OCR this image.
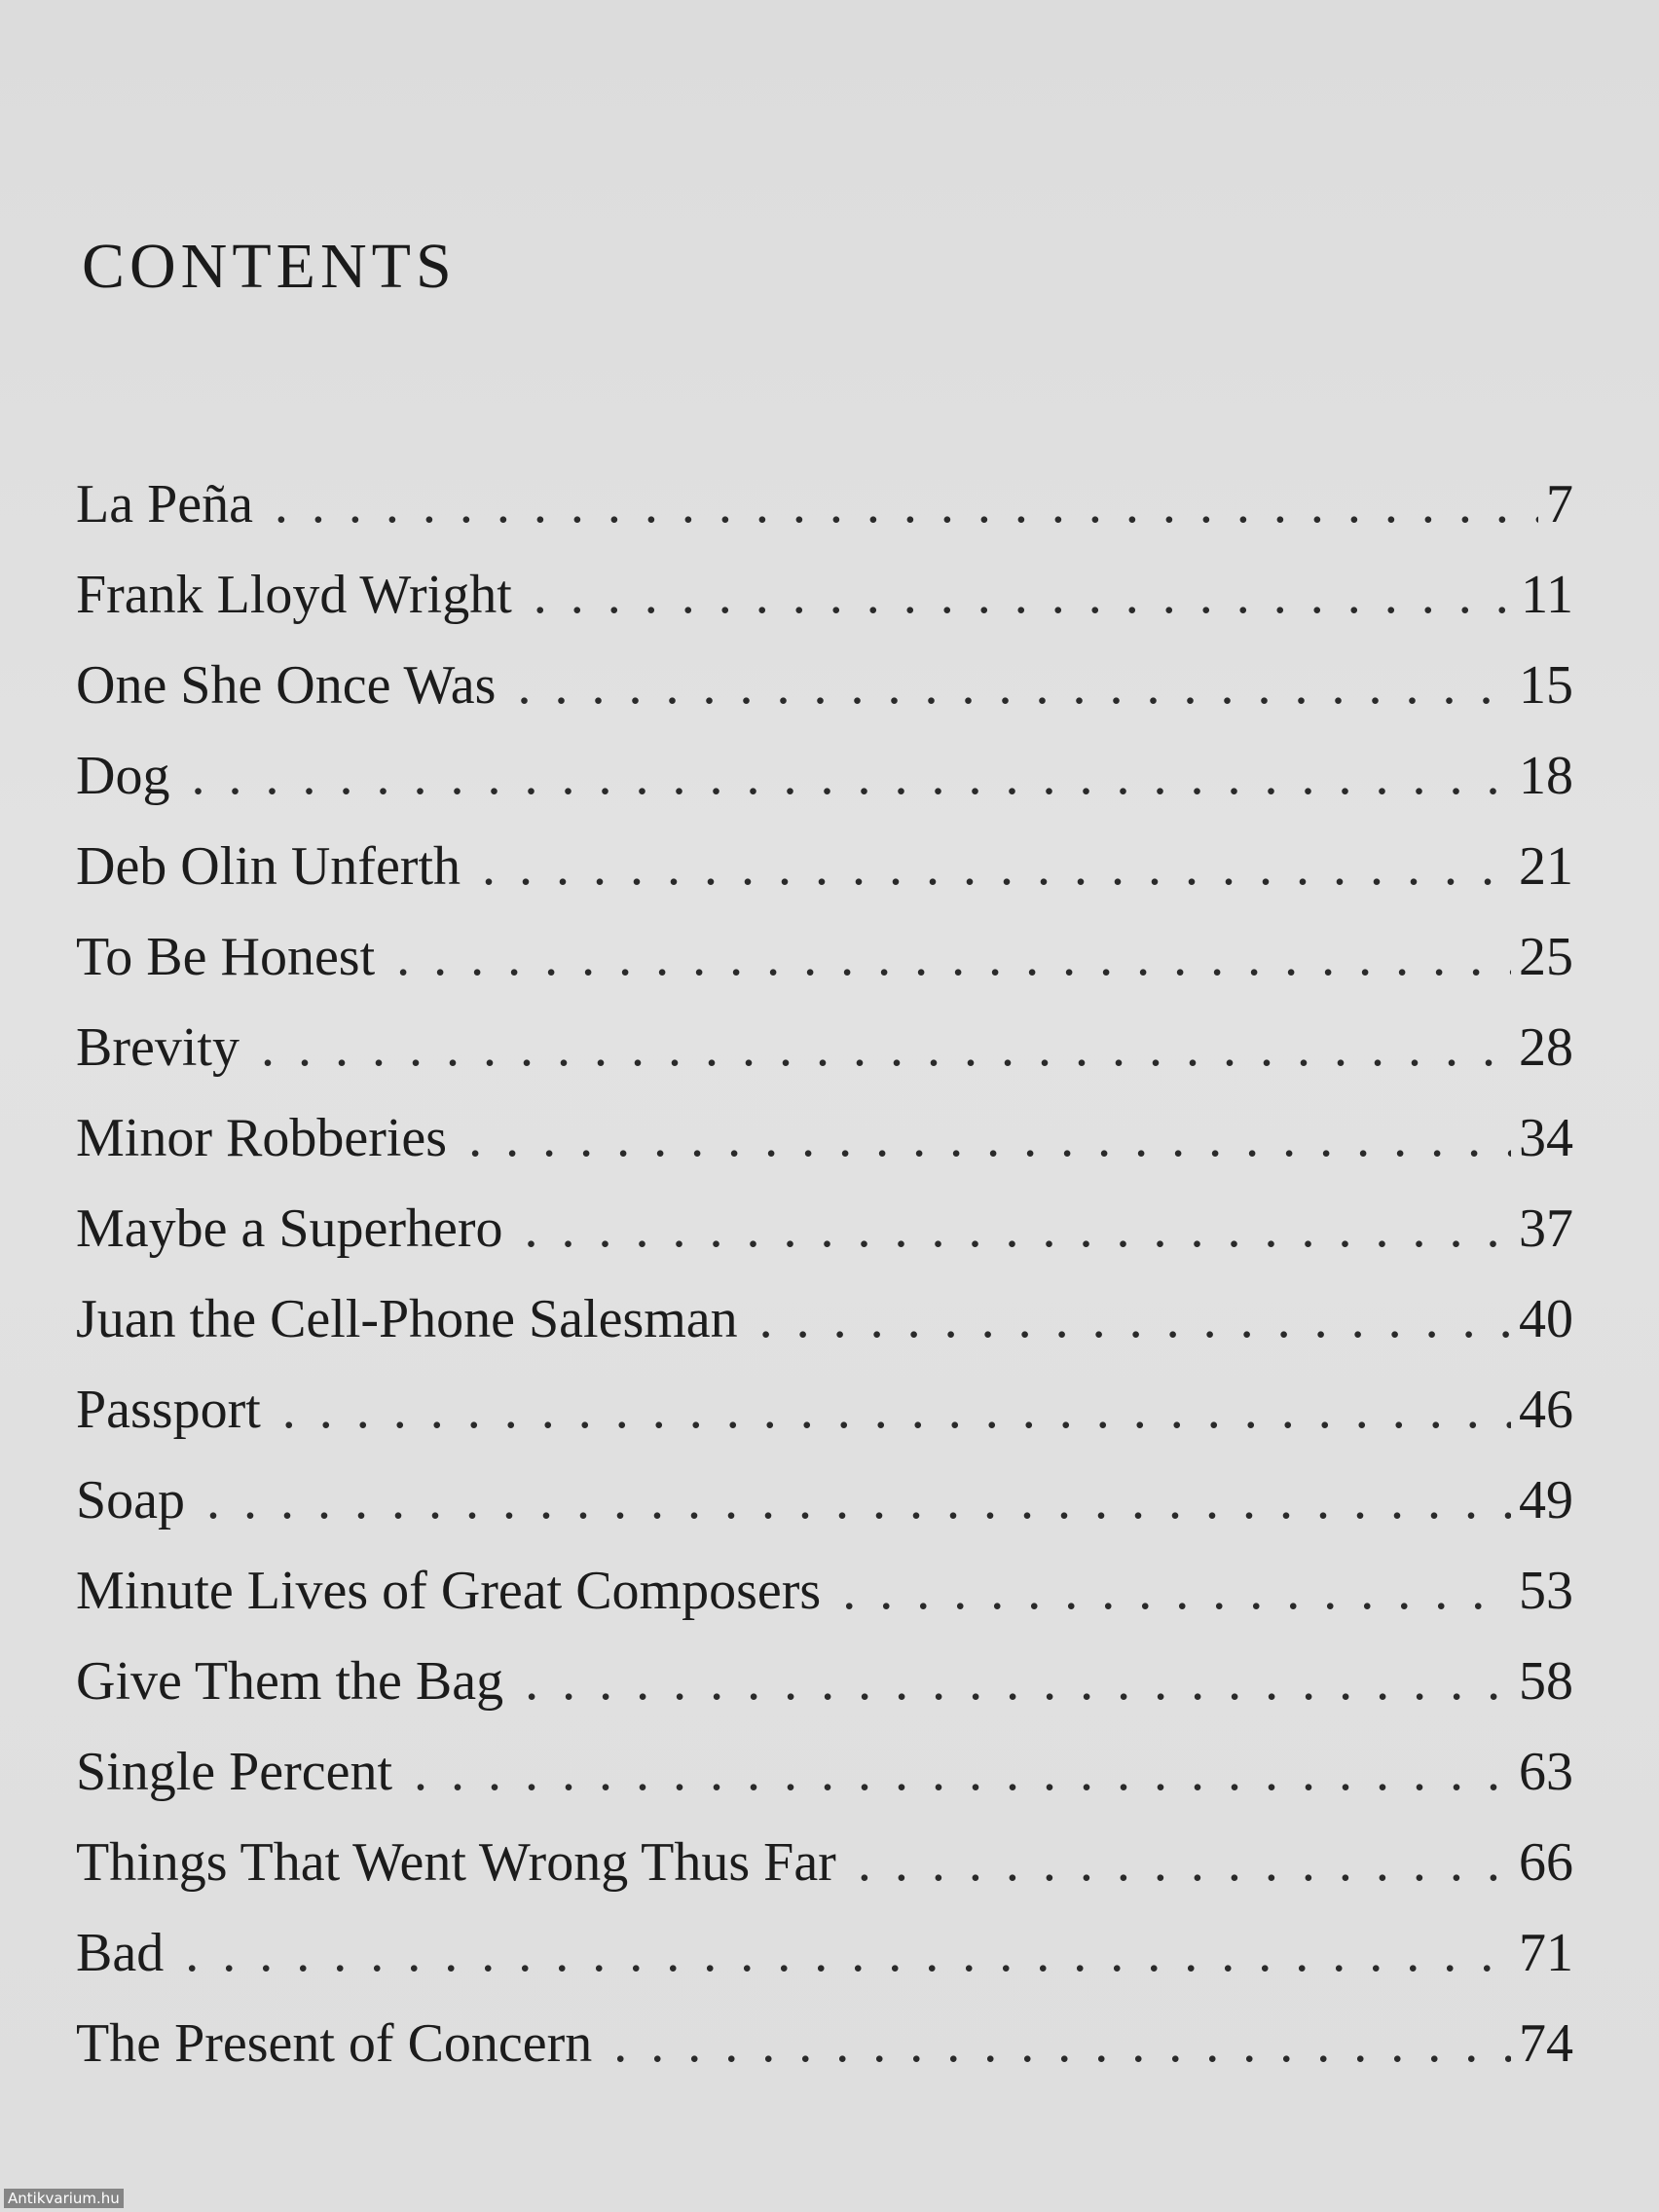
CONTENTS
La Peña . . .	7
Frank Lloyd Wright . . .	11
One She Once Was . . .	15
Dog . . .	18
Deb Olin Unferth . . .	21
To Be Honest . . .	25
Brevity . . .	28
Minor Robberies . . .	34
Maybe a Superhero . . .	37
Juan the Cell-Phone Salesman . . .	40
Passport . . .	46
Soap . . .	49
Minute Lives of Great Composers . . .	53
Give Them the Bag . . .	58
Single Percent . . .	63
Things That Went Wrong Thus Far . . .	66
Bad . . .	71
The Present of Concern . . .	74
Antikvarium.hu
